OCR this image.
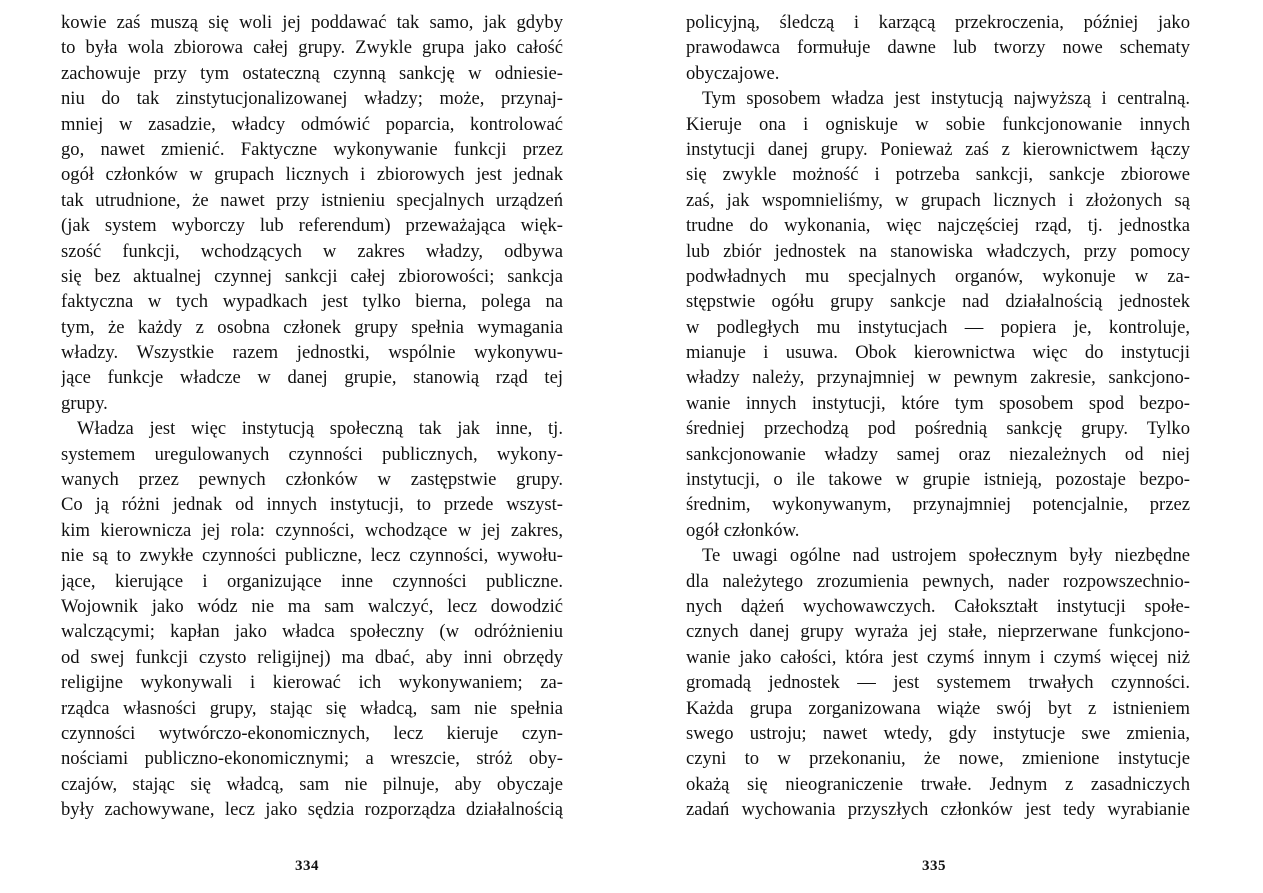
kowie zaś muszą się woli jej poddawać tak samo, jak gdyby
to była wola zbiorowa całej grupy. Zwykle grupa jako całość
zachowuje przy tym ostateczną czynną sankcję w odniesie-
niu do tak zinstytucjonalizowanej władzy; może, przynaj-
mniej w zasadzie, władcy odmówić poparcia, kontrolować
go, nawet zmienić. Faktyczne wykonywanie funkcji przez
ogół członków w grupach licznych i zbiorowych jest jednak
tak utrudnione, że nawet przy istnieniu specjalnych urządzeń
(jak system wyborczy lub referendum) przeważająca więk-
szość funkcji, wchodzących w zakres władzy, odbywa
się bez aktualnej czynnej sankcji całej zbiorowości; sankcja
faktyczna w tych wypadkach jest tylko bierna, polega na
tym, że każdy z osobna członek grupy spełnia wymagania
władzy. Wszystkie razem jednostki, wspólnie wykonywu-
jące funkcje władcze w danej grupie, stanowią rząd tej
grupy.
Władza jest więc instytucją społeczną tak jak inne, tj.
systemem uregulowanych czynności publicznych, wykony-
wanych przez pewnych członków w zastępstwie grupy.
Co ją różni jednak od innych instytucji, to przede wszyst-
kim kierownicza jej rola: czynności, wchodzące w jej zakres,
nie są to zwykłe czynności publiczne, lecz czynności, wywołu-
jące, kierujące i organizujące inne czynności publiczne.
Wojownik jako wódz nie ma sam walczyć, lecz dowodzić
walczącymi; kapłan jako władca społeczny (w odróżnieniu
od swej funkcji czysto religijnej) ma dbać, aby inni obrzędy
religijne wykonywali i kierować ich wykonywaniem; za-
rządca własności grupy, stając się władcą, sam nie spełnia
czynności wytwórczo-ekonomicznych, lecz kieruje czyn-
nościami publiczno-ekonomicznymi; a wreszcie, stróż oby-
czajów, stając się władcą, sam nie pilnuje, aby obyczaje
były zachowywane, lecz jako sędzia rozporządza działalnością
334
policyjną, śledczą i karzącą przekroczenia, później jako
prawodawca formułuje dawne lub tworzy nowe schematy
obyczajowe.
Tym sposobem władza jest instytucją najwyższą i centralną.
Kieruje ona i ogniskuje w sobie funkcjonowanie innych
instytucji danej grupy. Ponieważ zaś z kierownictwem łączy
się zwykle możność i potrzeba sankcji, sankcje zbiorowe
zaś, jak wspomnieliśmy, w grupach licznych i złożonych są
trudne do wykonania, więc najczęściej rząd, tj. jednostka
lub zbiór jednostek na stanowiska władczych, przy pomocy
podwładnych mu specjalnych organów, wykonuje w za-
stępstwie ogółu grupy sankcje nad działalnością jednostek
w podległych mu instytucjach — popiera je, kontroluje,
mianuje i usuwa. Obok kierownictwa więc do instytucji
władzy należy, przynajmniej w pewnym zakresie, sankcjono-
wanie innych instytucji, które tym sposobem spod bezpo-
średniej przechodzą pod pośrednią sankcję grupy. Tylko
sankcjonowanie władzy samej oraz niezależnych od niej
instytucji, o ile takowe w grupie istnieją, pozostaje bezpo-
średnim, wykonywanym, przynajmniej potencjalnie, przez
ogół członków.
Te uwagi ogólne nad ustrojem społecznym były niezbędne
dla należytego zrozumienia pewnych, nader rozpowszechnio-
nych dążeń wychowawczych. Całokształt instytucji społe-
cznych danej grupy wyraża jej stałe, nieprzerwane funkcjono-
wanie jako całości, która jest czymś innym i czymś więcej niż
gromadą jednostek — jest systemem trwałych czynności.
Każda grupa zorganizowana wiąże swój byt z istnieniem
swego ustroju; nawet wtedy, gdy instytucje swe zmienia,
czyni to w przekonaniu, że nowe, zmienione instytucje
okażą się nieograniczenie trwałe. Jednym z zasadniczych
zadań wychowania przyszłych członków jest tedy wyrabianie
335
